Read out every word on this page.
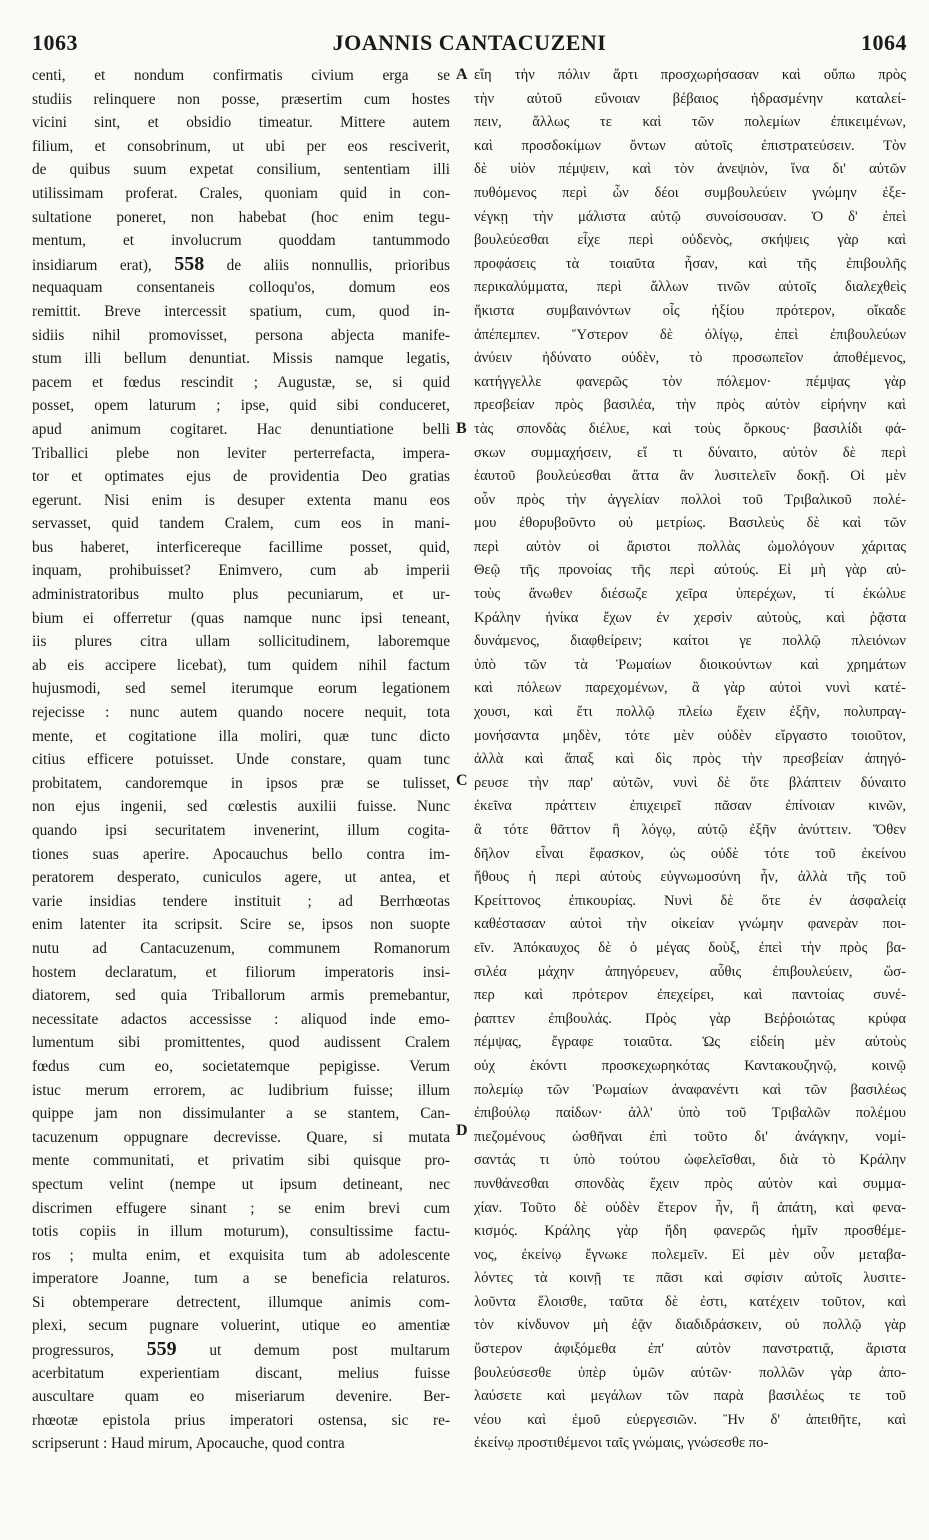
1063	JOANNIS CANTACUZENI	1064
centi, et nondum confirmatis civium erga se
studiis relinquere non posse, præsertim cum hostes
vicini sint, et obsidio timeatur. Mittere autem
filium, et consobrinum, ut ubi per eos resciverit,
de quibus suum expetat consilium, sententiam illi
utilissimam proferat. Crales, quoniam quid in con-
sultatione poneret, non habebat (hoc enim tegu-
mentum, et involucrum quoddam tantummodo
insidiarum erat), 558 de aliis nonnullis, prioribus
nequaquam consentaneis colloqu'os, domum eos
remittit. Breve intercessit spatium, cum, quod in-
sidiis nihil promovisset, persona abjecta manife-
stum illi bellum denuntiat. Missis namque legatis,
pacem et fœdus rescindit ; Augustæ, se, si quid
posset, opem laturum ; ipse, quid sibi conduceret,
apud animum cogitaret. Hac denuntiatione belli
Triballici plebe non leviter perterrefacta, impera-
tor et optimates ejus de providentia Deo gratias
egerunt. Nisi enim is desuper extenta manu eos
servasset, quid tandem Cralem, cum eos in mani-
bus haberet, interficereque facillime posset, quid,
inquam, prohibuisset? Enimvero, cum ab imperii
administratoribus multo plus pecuniarum, et ur-
bium ei offerretur (quas namque nunc ipsi teneant,
iis plures citra ullam sollicitudinem, laboremque
ab eis accipere licebat), tum quidem nihil factum
hujusmodi, sed semel iterumque eorum legationem
rejecisse : nunc autem quando nocere nequit, tota
mente, et cogitatione illa moliri, quæ tunc dicto
citius efficere potuisset. Unde constare, quam tunc
probitatem, candoremque in ipsos præ se tulisset,
non ejus ingenii, sed cœlestis auxilii fuisse. Nunc
quando ipsi securitatem invenerint, illum cogita-
tiones suas aperire. Apocauchus bello contra im-
peratorem desperato, cuniculos agere, ut antea, et
varie insidias tendere instituit ; ad Berrhœotas
enim latenter ita scripsit. Scire se, ipsos non suopte
nutu ad Cantacuzenum, communem Romanorum
hostem declaratum, et filiorum imperatoris insi-
diatorem, sed quia Triballorum armis premebantur,
necessitate adactos accessisse : aliquod inde emo-
lumentum sibi promittentes, quod audissent Cralem
fœdus cum eo, societatemque pepigisse. Verum
istuc merum errorem, ac ludibrium fuisse; illum
quippe jam non dissimulanter a se stantem, Can-
tacuzenum oppugnare decrevisse. Quare, si mutata
mente communitati, et privatim sibi quisque pro-
spectum velint (nempe ut ipsum detineant, nec
discrimen effugere sinant ; se enim brevi cum
totis copiis in illum moturum), consultissime factu-
ros ; multa enim, et exquisita tum ab adolescente
imperatore Joanne, tum a se beneficia relaturos.
Si obtemperare detrectent, illumque animis com-
plexi, secum pugnare voluerint, utique eo amentiæ
progressuros, 559 ut demum post multarum
acerbitatum experientiam discant, melius fuisse
auscultare quam eo miseriarum devenire. Ber-
rhœotæ epistola prius imperatori ostensa, sic re-
scripserunt : Haud mirum, Apocauche, quod contra
εἴη τὴν πόλιν ἄρτι προσχωρήσασαν καὶ οὔπω πρὸς
τὴν αὐτοῦ εὔνοιαν βέβαιος ἡδρασμένην καταλεί-
πειν, ἄλλως τε καὶ τῶν πολεμίων ἐπικειμένων,
καὶ προσδοκίμων ὄντων αὐτοῖς ἐπιστρατεύσειν. Τὸν
δὲ υἱὸν πέμψειν, καὶ τὸν ἀνεψιὸν, ἵνα δι' αὐτῶν
πυθόμενος περὶ ὧν δέοι συμβουλεύειν γνώμην ἐξε-
νέγκῃ τὴν μάλιστα αὐτῷ συνοίσουσαν. Ὁ δ' ἐπεὶ
βουλεύεσθαι εἶχε περὶ οὐδενὸς, σκήψεις γὰρ καὶ
προφάσεις τὰ τοιαῦτα ἦσαν, καὶ τῆς ἐπιβουλῆς
περικαλύμματα, περὶ ἄλλων τινῶν αὐτοῖς διαλεχθεὶς
ἥκιστα συμβαινόντων οἷς ἠξίου πρότερον, οἴκαδε
ἀπέπεμπεν. Ὕστερον δὲ ὀλίγῳ, ἐπεὶ ἐπιβουλεύων
ἀνύειν ἠδύνατο οὐδὲν, τὸ προσωπεῖον ἀποθέμενος,
κατήγγελλε φανερῶς τὸν πόλεμον· πέμψας γὰρ
πρεσβείαν πρὸς βασιλέα, τὴν πρὸς αὐτὸν εἰρήνην καὶ
τὰς σπονδὰς διέλυε, καὶ τοὺς ὅρκους· βασιλίδι φά-
σκων συμμαχήσειν, εἴ τι δύναιτο, αὐτὸν δὲ περὶ
ἑαυτοῦ βουλεύεσθαι ἅττα ἂν λυσιτελεῖν δοκῇ. Οἱ μὲν
οὖν πρὸς τὴν ἀγγελίαν πολλοὶ τοῦ Τριβαλικοῦ πολέ-
μου ἐθορυβοῦντο οὐ μετρίως. Βασιλεὺς δὲ καὶ τῶν
περὶ αὐτὸν οἱ ἄριστοι πολλὰς ὡμολόγουν χάριτας
Θεῷ τῆς προνοίας τῆς περὶ αὐτούς. Εἰ μὴ γὰρ αὐ-
τοὺς ἄνωθεν διέσωζε χεῖρα ὑπερέχων, τί ἐκώλυε
Κράλην ἡνίκα ἔχων ἐν χερσὶν αὐτοὺς, καὶ ῥᾷστα
δυνάμενος, διαφθείρειν; καίτοι γε πολλῷ πλειόνων
ὑπὸ τῶν τὰ Ῥωμαίων διοικούντων καὶ χρημάτων
καὶ πόλεων παρεχομένων, ἃ γὰρ αὐτοὶ νυνὶ κατέ-
χουσι, καὶ ἔτι πολλῷ πλείω ἔχειν ἐξῆν, πολυπραγ-
μονήσαντα μηδὲν, τότε μὲν οὐδὲν εἴργαστο τοιοῦτον,
ἀλλὰ καὶ ἅπαξ καὶ δὶς πρὸς τὴν πρεσβείαν ἀπηγό-
ρευσε τὴν παρ' αὐτῶν, νυνὶ δὲ ὅτε βλάπτειν δύναιτο
ἐκεῖνα πράττειν ἐπιχειρεῖ πᾶσαν ἐπίνοιαν κινῶν,
ἃ τότε θᾶττον ἢ λόγῳ, αὐτῷ ἐξῆν ἀνύττειν. Ὅθεν
δῆλον εἶναι ἔφασκον, ὡς οὐδὲ τότε τοῦ ἐκείνου
ἤθους ἡ περὶ αὐτοὺς εὐγνωμοσύνη ἦν, ἀλλὰ τῆς τοῦ
Κρείττονος ἐπικουρίας. Νυνὶ δὲ ὅτε ἐν ἀσφαλείᾳ
καθέστασαν αὐτοὶ τὴν οἰκείαν γνώμην φανερὰν ποι-
εῖν. Ἀπόκαυχος δὲ ὁ μέγας δοὺξ, ἐπεὶ τὴν πρὸς βα-
σιλέα μάχην ἀπηγόρευεν, αὖθις ἐπιβουλεύειν, ὥσ-
περ καὶ πρότερον ἐπεχείρει, καὶ παντοίας συνέ-
ῥαπτεν ἐπιβουλάς. Πρὸς γὰρ Βεῤῥοιώτας κρύφα
πέμψας, ἔγραφε τοιαῦτα. Ὡς εἰδείη μὲν αὐτοὺς
οὐχ ἑκόντι προσκεχωρηκότας Καντακουζηνῷ, κοινῷ
πολεμίῳ τῶν Ῥωμαίων ἀναφανέντι καὶ τῶν βασιλέως
ἐπιβούλῳ παίδων· ἀλλ' ὑπὸ τοῦ Τριβαλῶν πολέμου
πιεζομένους ὡσθῆναι ἐπὶ τοῦτο δι' ἀνάγκην, νομί-
σαντάς τι ὑπὸ τούτου ὠφελεῖσθαι, διὰ τὸ Κράλην
πυνθάνεσθαι σπονδὰς ἔχειν πρὸς αὐτὸν καὶ συμμα-
χίαν. Τοῦτο δὲ οὐδὲν ἕτερον ἦν, ἢ ἀπάτη, καὶ φενα-
κισμός. Κράλης γὰρ ἤδη φανερῶς ἡμῖν προσθέμε-
νος, ἐκείνῳ ἔγνωκε πολεμεῖν. Εἰ μὲν οὖν μεταβα-
λόντες τὰ κοινῇ τε πᾶσι καὶ σφίσιν αὐτοῖς λυσιτε-
λοῦντα ἕλοισθε, ταῦτα δὲ ἐστι, κατέχειν τοῦτον, καὶ
τὸν κίνδυνον μὴ ἐᾷν διαδιδράσκειν, οὐ πολλῷ γὰρ
ὕστερον ἀφιξόμεθα ἐπ' αὐτὸν πανστρατιᾷ, ἄριστα
βουλεύσεσθε ὑπὲρ ὑμῶν αὐτῶν· πολλῶν γὰρ ἀπο-
λαύσετε καὶ μεγάλων τῶν παρὰ βασιλέως τε τοῦ
νέου καὶ ἐμοῦ εὐεργεσιῶν. Ἢν δ' ἀπειθῆτε, καὶ
ἐκείνῳ προστιθέμενοι ταῖς γνώμαις, γνώσεσθε πο-
A
B
C
D
